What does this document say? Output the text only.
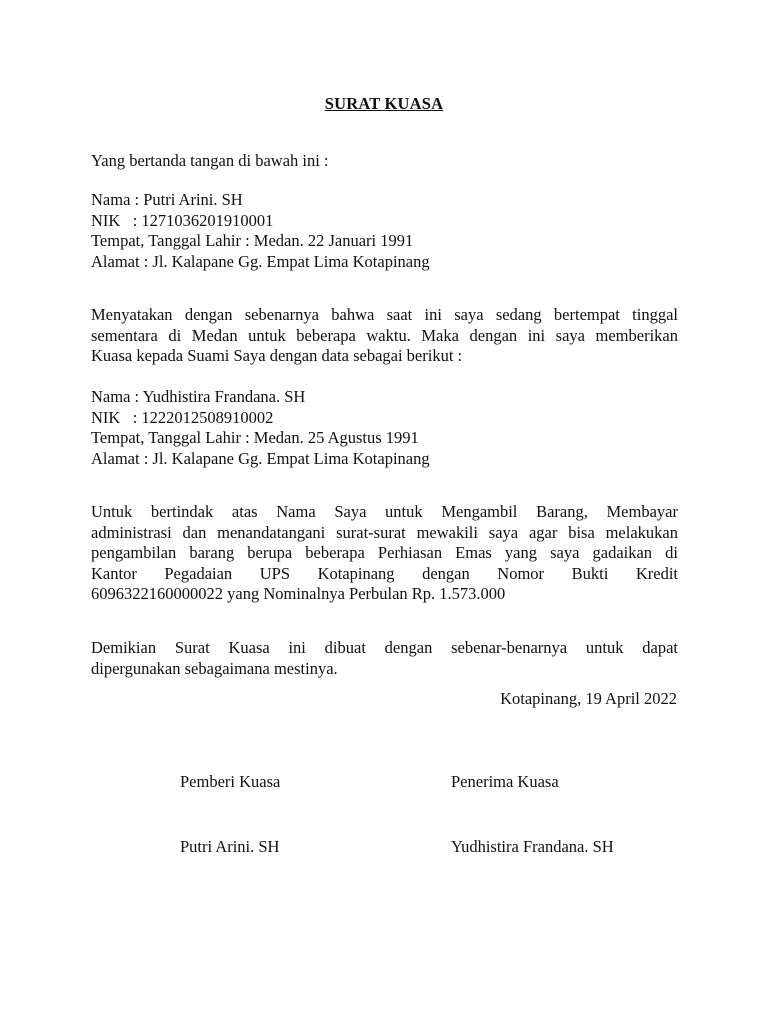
SURAT KUASA
Yang bertanda tangan di bawah ini :
Nama : Putri Arini. SH
NIK   : 1271036201910001
Tempat, Tanggal Lahir : Medan. 22 Januari 1991
Alamat : Jl. Kalapane Gg. Empat Lima Kotapinang
Menyatakan dengan sebenarnya bahwa saat ini saya sedang bertempat tinggal
sementara di Medan untuk beberapa waktu. Maka dengan ini saya memberikan
Kuasa kepada Suami Saya dengan data sebagai berikut :
Nama : Yudhistira Frandana. SH
NIK   : 1222012508910002
Tempat, Tanggal Lahir : Medan. 25 Agustus 1991
Alamat : Jl. Kalapane Gg. Empat Lima Kotapinang
Untuk bertindak atas Nama Saya untuk Mengambil Barang, Membayar
administrasi dan menandatangani surat-surat mewakili saya agar bisa melakukan
pengambilan barang berupa beberapa Perhiasan Emas yang saya gadaikan di
Kantor Pegadaian UPS Kotapinang dengan Nomor Bukti Kredit
6096322160000022 yang Nominalnya Perbulan Rp. 1.573.000
Demikian Surat Kuasa ini dibuat dengan sebenar-benarnya untuk dapat
dipergunakan sebagaimana mestinya.
Kotapinang, 19 April 2022
Pemberi Kuasa	Penerima Kuasa
Putri Arini. SH	Yudhistira Frandana. SH
